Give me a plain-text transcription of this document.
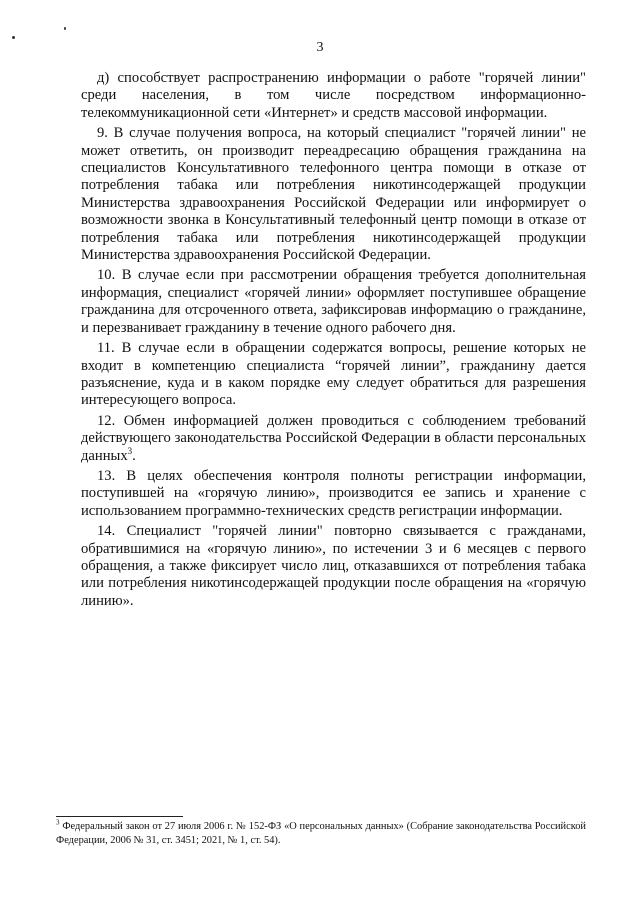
3

д) способствует распространению информации о работе "горячей линии" среди населения, в том числе посредством информационно-телекоммуникационной сети «Интернет» и средств массовой информации.

9. В случае получения вопроса, на который специалист "горячей линии" не может ответить, он производит переадресацию обращения гражданина на специалистов Консультативного телефонного центра помощи в отказе от потребления табака или потребления никотинсодержащей продукции Министерства здравоохранения Российской Федерации или информирует о возможности звонка в Консультативный телефонный центр помощи в отказе от потребления табака или потребления никотинсодержащей продукции Министерства здравоохранения Российской Федерации.

10. В случае если при рассмотрении обращения требуется дополнительная информация, специалист «горячей линии» оформляет поступившее обращение гражданина для отсроченного ответа, зафиксировав информацию о гражданине, и перезванивает гражданину в течение одного рабочего дня.

11. В случае если в обращении содержатся вопросы, решение которых не входит в компетенцию специалиста “горячей линии”, гражданину дается разъяснение, куда и в каком порядке ему следует обратиться для разрешения интересующего вопроса.

12. Обмен информацией должен проводиться с соблюдением требований действующего законодательства Российской Федерации в области персональных данных$^3$.

13. В целях обеспечения контроля полноты регистрации информации, поступившей на «горячую линию», производится ее запись и хранение с использованием программно-технических средств регистрации информации.

14. Специалист "горячей линии" повторно связывается с гражданами, обратившимися на «горячую линию», по истечении 3 и 6 месяцев с первого обращения, а также фиксирует число лиц, отказавшихся от потребления табака или потребления никотинсодержащей продукции после обращения на «горячую линию».

$^3$ Федеральный закон от 27 июля 2006 г. № 152-ФЗ «О персональных данных» (Собрание законодательства Российской Федерации, 2006 № 31, ст. 3451; 2021, № 1, ст. 54).
